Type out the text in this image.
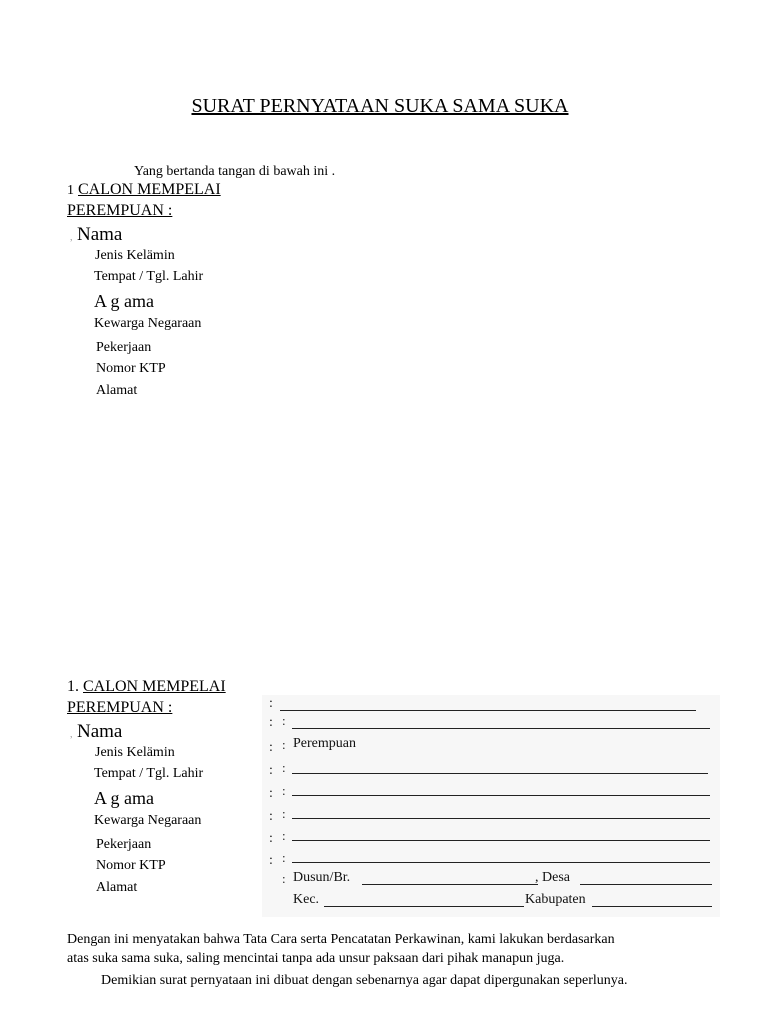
SURAT PERNYATAAN SUKA SAMA SUKA
Yang bertanda tangan di bawah ini .
1 CALON MEMPELAI
PEREMPUAN :
, Nama
Jenis Kelämin
Tempat / Tgl. Lahir
A g ama
Kewarga Negaraan
Pekerjaan
Nomor KTP
Alamat
1. CALON MEMPELAI
PEREMPUAN :
, Nama
Jenis Kelämin
Tempat / Tgl. Lahir
A g ama
Kewarga Negaraan
Pekerjaan
Nomor KTP
Alamat
:
: :
: : Perempuan
: :
: :
: :
: :
: :
: Dusun/Br.	, Desa
Kec.	Kabupaten
Dengan ini menyatakan bahwa Tata Cara serta Pencatatan Perkawinan, kami lakukan berdasarkan
atas suka sama suka, saling mencintai tanpa ada unsur paksaan dari pihak manapun juga.
Demikian surat pernyataan ini dibuat dengan sebenarnya agar dapat dipergunakan seperlunya.
